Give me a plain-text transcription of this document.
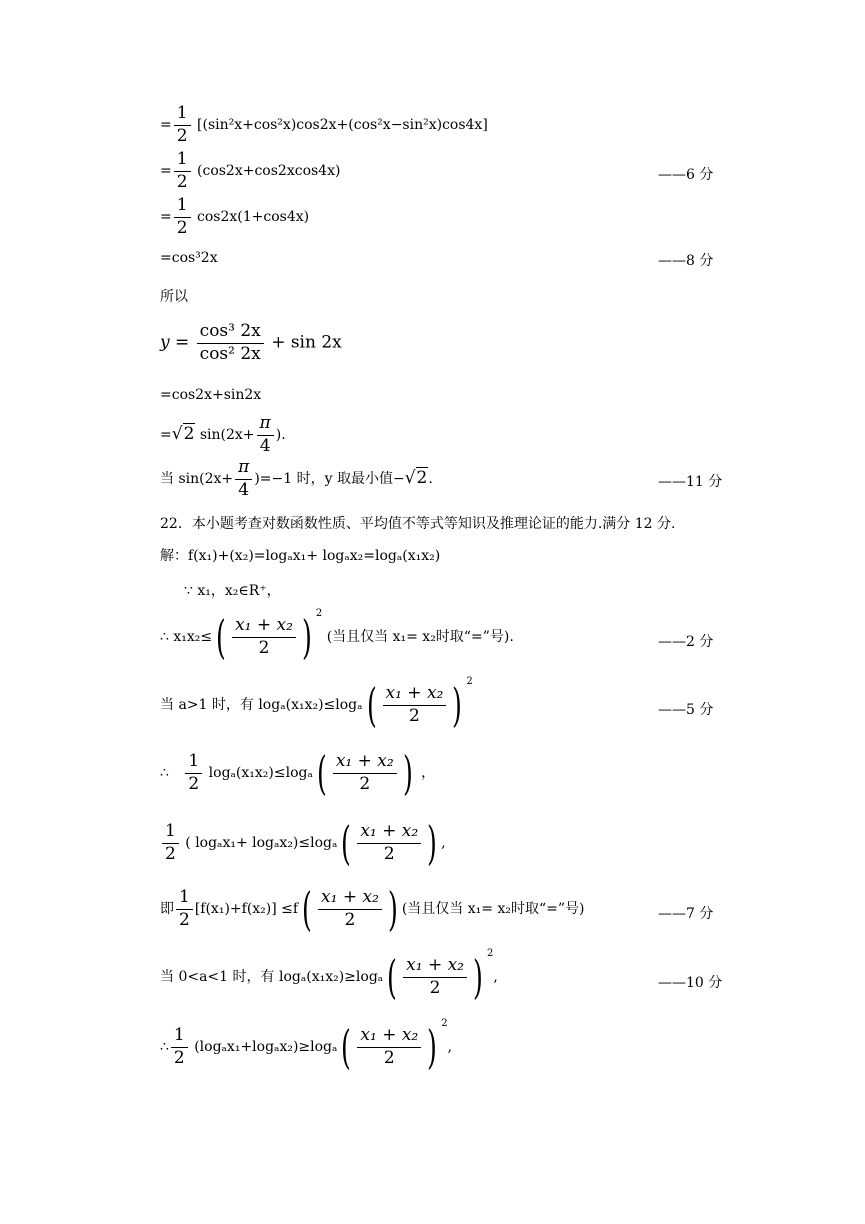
= $\frac{1}{2} [(\sin^2x+\cos^2x)\cos 2x+(\cos^2x-\sin^2x)\cos 4x]$
= $\frac{1}{2} (\cos 2x+\cos 2xcos4x)$	——6 分
= $\frac{1}{2} \cos 2x(1+\cos 4x)$
=cos³2x	——8 分
所以
$y = \frac{\text{cos³ 2x}}{\text{cos² 2x}} + \sin 2x$
=cos2x+sin2x
=√2 $\sin(2x+ \frac{\pi}{4}$ ).
当 $\sin(2x+ \frac{\pi}{4} )=-1$ 时，y 取最小值−√2.	——11 分
22．本小题考查对数函数性质、平均值不等式等知识及推理论证的能力.满分 12 分.
解：f(x₁)+(x₂)=logₐx₁+ logₐx₂=logₐ(x₁x₂)
∵ x₁，x₂∈R⁺，
∴ $x_1x_2\le( \frac{\text{x₁ + x₂}}{2}$ ) $^2$ (当且仅当 x₁= x₂时取“=”号).	——2 分
当 a>1 时，有 $\log_a(x_1x_2)\le\log_a( \frac{\text{x₁ + x₂}}{2}$ ) $^2$
——5 分
∴ $\frac{1}{2} \log_a(x_1x_2)\le\log_a( \frac{\text{x₁ + x₂}}{2}$ ) ，
$\frac{1}{2}$ ( $\log_ax_1+ \log_ax_2)\le\log_a( \frac{\text{x₁ + x₂}}{2}$ ) ,
即 $\frac{1}{2} [f(x_1)+f(x_2)] \le f( \frac{\text{x₁ + x₂}}{2}$ ) (当且仅当 x₁= x₂时取“=”号)	——7 分
当 0<a<1 时，有 $\log_a(x_1x_2)\ge\log_a( \frac{\text{x₁ + x₂}}{2}$ ) $^2$,	——10 分
∴ $\frac{1}{2} (\log_ax_1+\log_ax_2)\ge\log_a( \frac{\text{x₁ + x₂}}{2}$ ) $^2$,
